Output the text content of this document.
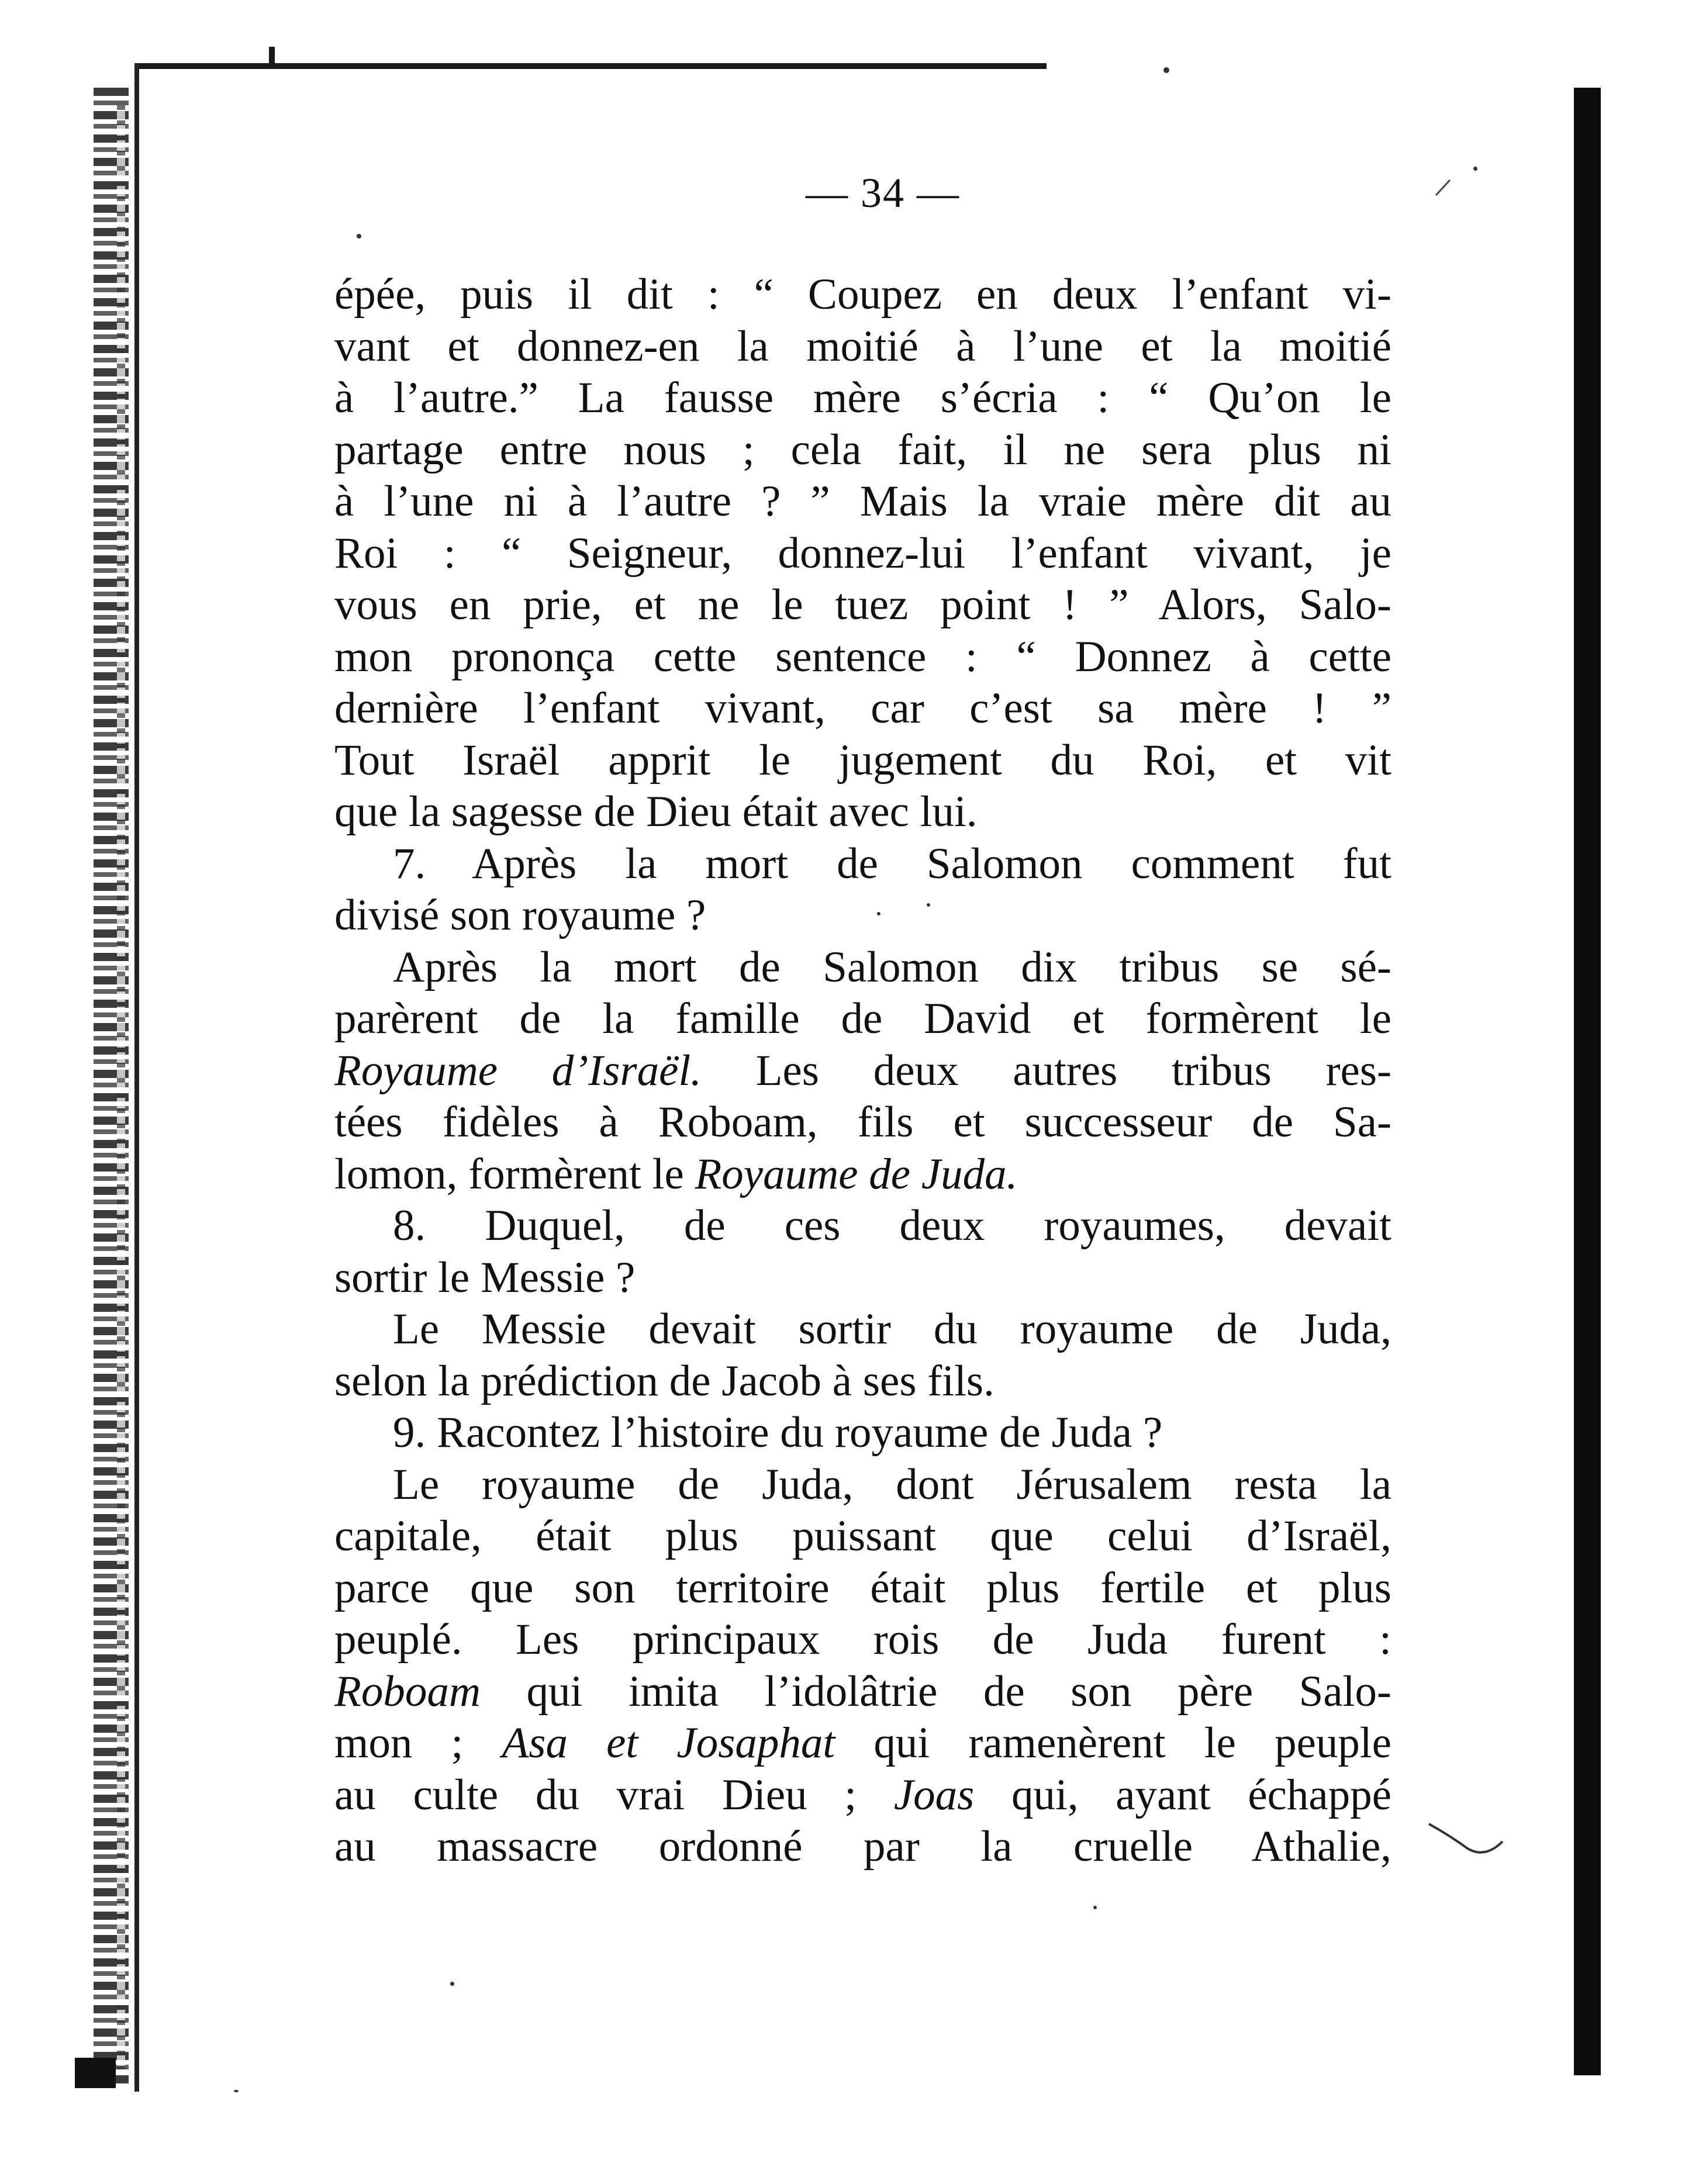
— 34 —
épée, puis il dit : “ Coupez en deux l’enfant vi-
vant et donnez-en la moitié à l’une et la moitié
à l’autre.” La fausse mère s’écria : “ Qu’on le
partage entre nous ; cela fait, il ne sera plus ni
à l’une ni à l’autre ? ” Mais la vraie mère dit au
Roi : “ Seigneur, donnez-lui l’enfant vivant, je
vous en prie, et ne le tuez point ! ” Alors, Salo-
mon prononça cette sentence : “ Donnez à cette
dernière l’enfant vivant, car c’est sa mère ! ”
Tout Israël apprit le jugement du Roi, et vit
que la sagesse de Dieu était avec lui.
7. Après la mort de Salomon comment fut
divisé son royaume ?
Après la mort de Salomon dix tribus se sé-
parèrent de la famille de David et formèrent le
Royaume d’Israël. Les deux autres tribus res-
tées fidèles à Roboam, fils et successeur de Sa-
lomon, formèrent le Royaume de Juda.
8. Duquel, de ces deux royaumes, devait
sortir le Messie ?
Le Messie devait sortir du royaume de Juda,
selon la prédiction de Jacob à ses fils.
9. Racontez l’histoire du royaume de Juda ?
Le royaume de Juda, dont Jérusalem resta la
capitale, était plus puissant que celui d’Israël,
parce que son territoire était plus fertile et plus
peuplé. Les principaux rois de Juda furent :
Roboam qui imita l’idolâtrie de son père Salo-
mon ; Asa et Josaphat qui ramenèrent le peuple
au culte du vrai Dieu ; Joas qui, ayant échappé
au massacre ordonné par la cruelle Athalie,
